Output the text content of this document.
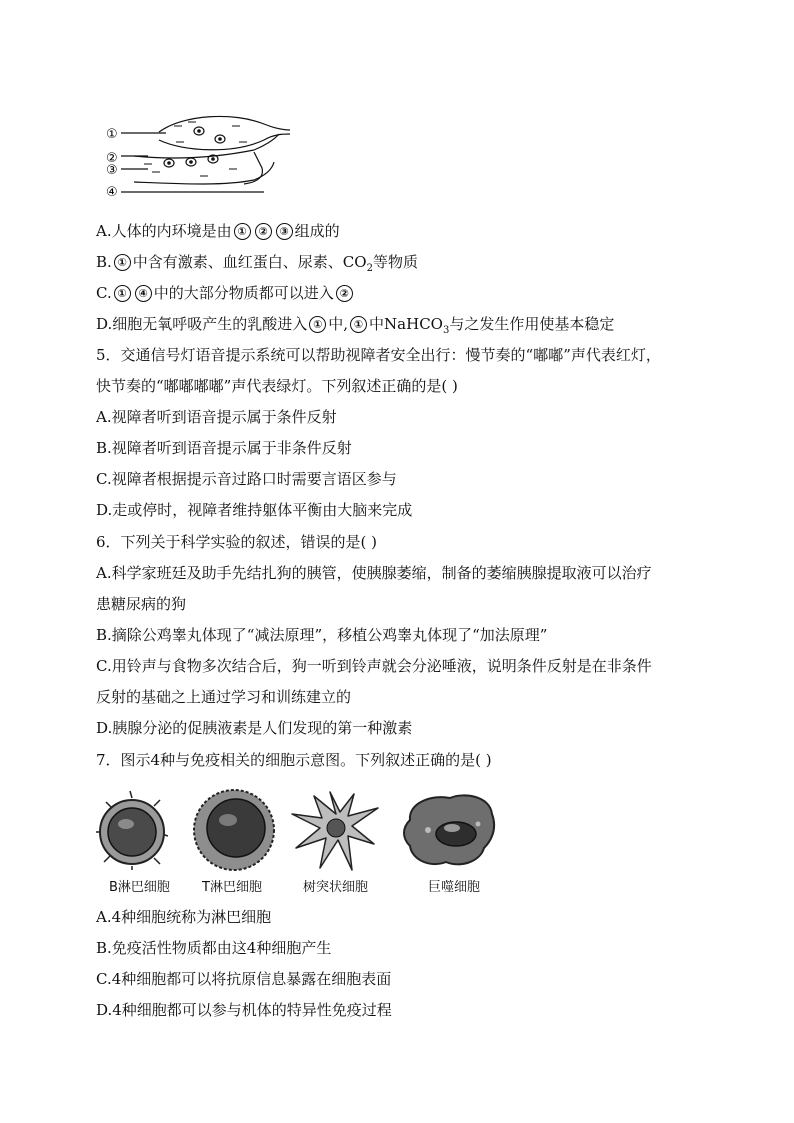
①
②
③
④
A.人体的内环境是由 ① ② ③ 组成的
B. ① 中含有激素、血红蛋白、尿素、$CO_2$等物质
C. ① ④ 中的大部分物质都可以进入 ②
D.细胞无氧呼吸产生的乳酸进入 ① 中, ① 中NaHCO$_3$与之发生作用使基本稳定
5．交通信号灯语音提示系统可以帮助视障者安全出行：慢节奏的“嘟嘟”声代表红灯，
快节奏的“嘟嘟嘟嘟”声代表绿灯。下列叙述正确的是( )
A.视障者听到语音提示属于条件反射
B.视障者听到语音提示属于非条件反射
C.视障者根据提示音过路口时需要言语区参与
D.走或停时，视障者维持躯体平衡由大脑来完成
6．下列关于科学实验的叙述，错误的是( )
A.科学家班廷及助手先结扎狗的胰管，使胰腺萎缩，制备的萎缩胰腺提取液可以治疗
患糖尿病的狗
B.摘除公鸡睾丸体现了“减法原理”，移植公鸡睾丸体现了“加法原理”
C.用铃声与食物多次结合后，狗一听到铃声就会分泌唾液，说明条件反射是在非条件
反射的基础之上通过学习和训练建立的
D.胰腺分泌的促胰液素是人们发现的第一种激素
7．图示4种与免疫相关的细胞示意图。下列叙述正确的是( )
B淋巴细胞 T淋巴细胞	树突状细胞	巨噬细胞
A.4种细胞统称为淋巴细胞
B.免疫活性物质都由这4种细胞产生
C.4种细胞都可以将抗原信息暴露在细胞表面
D.4种细胞都可以参与机体的特异性免疫过程
